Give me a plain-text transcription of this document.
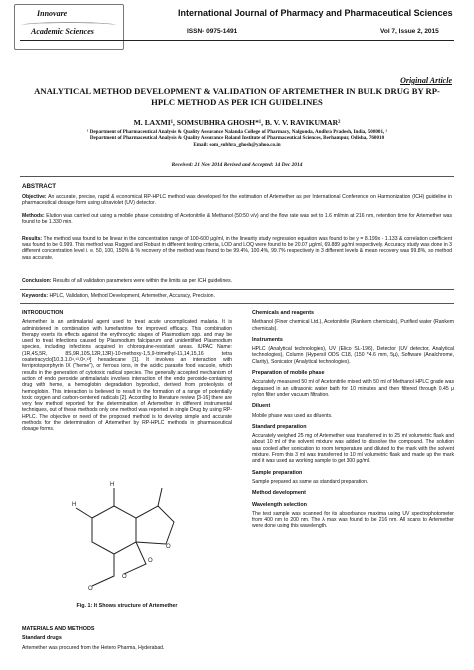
Innovare
Academic Sciences
International Journal of Pharmacy and Pharmaceutical Sciences
ISSN- 0975-1491	Vol 7, Issue 2, 2015
Original Article
ANALYTICAL METHOD DEVELOPMENT & VALIDATION OF ARTEMETHER IN BULK DRUG BY RP- HPLC METHOD AS PER ICH GUIDELINES
M. LAXMI¹, SOMSUBHRA GHOSH*¹, B. V. V. RAVIKUMAR²
¹ Department of Pharmaceutical Analysis & Quality Assurance Nalanda College of Pharmacy, Nalgonda, Andhra Pradesh, India, 508001, ²
Department of Pharmaceutical Analysis & Quality Assurance Roland Institute of Pharmaceutical Sciences, Berhampur, Odisha, 760010
Email: som_subhra_ghosh@yahoo.co.in
Received: 21 Nov 2014 Revised and Accepted: 14 Dec 2014
ABSTRACT
Objective: An accurate, precise, rapid & economical RP-HPLC method was developed for the estimation of Artemether as per International Conference on Harmonization (ICH) guideline in pharmaceutical dosage form using ultraviolet (UV) detector.
Methods: Elution was carried out using a mobile phase consisting of Acetonitrile & Methanol (50:50 v/v) and the flow rate was set to 1.6 ml/min at 216 nm, retention time for Artemether was found to be 1.330 min.
Results: The method was found to be linear in the concentration range of 100-600 µg/ml, in the linearity study regression equation was found to be y = 8.199x - 1.133 & correlation coefficient was found to be 0.999. This method was Rugged and Robust in different testing criteria, LOD and LOQ were found to be 20.07 µg/ml, 69.889 µg/ml respectively. Accuracy study was done in 3 different concentration level i. e. 50, 100, 150% & % recovery of the method was found to be 99.4%, 100.4%, 99.7% respectively in 3 different levels & mean recovery was 99.8%, so method was accurate.
Conclusion: Results of all validation parameters were within the limits as per ICH guidelines.
Keywords: HPLC, Validation, Method Development, Artemether, Accuracy, Precision.
INTRODUCTION
Artemether is an antimalarial agent used to treat acute uncomplicated malaria. It is administered in combination with lumefantrine for improved efficacy. This combination therapy exerts its effects against the erythrocytic stages of Plasmodium spp. and may be used to treat infections caused by Plasmodium falciparum and unidentified Plasmodium species, including infections acquired in chloroquine-resistant areas. IUPAC Name: (1R,4S,5R, 8S,9R,10S,12R,13R)-10-methoxy-1,5,9-trimethyl-11,14,15,16 tetra oxatetracyclo[10.3.1.0⁴,¹³.0⁸,¹³] hexadecane [1]. It involves an interaction with ferriprotoporphyrin IX ("heme"), or ferrous ions, in the acidic parasite food vacuole, which results in the generation of cytotoxic radical species. The generally accepted mechanism of action of endo peroxide antimalarials involves interaction of the endo peroxide-containing drug with heme, a hemoglobin degradation byproduct, derived from proteolysis of hemoglobin. This interaction is believed to result in the formation of a range of potentially toxic oxygen and carbon-centered radicals [2]. According to literature review [3-16] there are very few method reported for the determination of Artemether in different instrumental techniques, out of these methods only one method was reported in single Drug by using RP-HPLC. The objective or need of the proposed method is to develop simple and accurate methods for the determination of Artemether by RP-HPLC methods in pharmaceutical dosage forms.
O
O
O
O
H
H
Fig. 1: It Shows structure of Artemether
MATERIALS AND METHODS
Standard drugs
Artemether was procured from the Hetero Pharma, Hyderabad.
Chemicals and reagents
Methanol (Finer chemical Ltd.), Acetonitrile (Rankem chemicals), Purified water (Rankem chemicals).
Instruments
HPLC (Analytical technologies), UV (Elico SL-196), Detector (UV detector, Analytical technologies), Column (Hypersil ODS C18, (150 *4.6 mm, 5µ), Software (Analchrome, Clarity), Sonicator (Analytical technologies).
Preparation of mobile phase
Accurately measured 50 ml of Acetonitrile mixed with 50 ml of Methanol HPLC grade was degassed in an ultrasonic water bath for 10 minutes and then filtered through 0.45 µ nylon filter under vacuum filtration.
Diluent
Mobile phase was used as diluents.
Standard preparation
Accurately weighed 25 mg of Artemether was transferred in to 25 ml volumetric flask and about 10 ml of the solvent mixture was added to dissolve the compound. The solution was cooled after sonication to room temperature and diluted to the mark with the solvent mixture. From this 3 ml was transferred to 10 ml volumetric flask and made up the mark and it was used as working sample to get 300 µg/ml.
Sample preparation
Sample prepared as same as standard preparation.
Method development
Wavelength selection
The test sample was scanned for its absorbance maxima using UV spectrophotometer from 400 nm to 200 nm. The λ max was found to be 216 nm. All scans to Artemether were done using this wavelength.
